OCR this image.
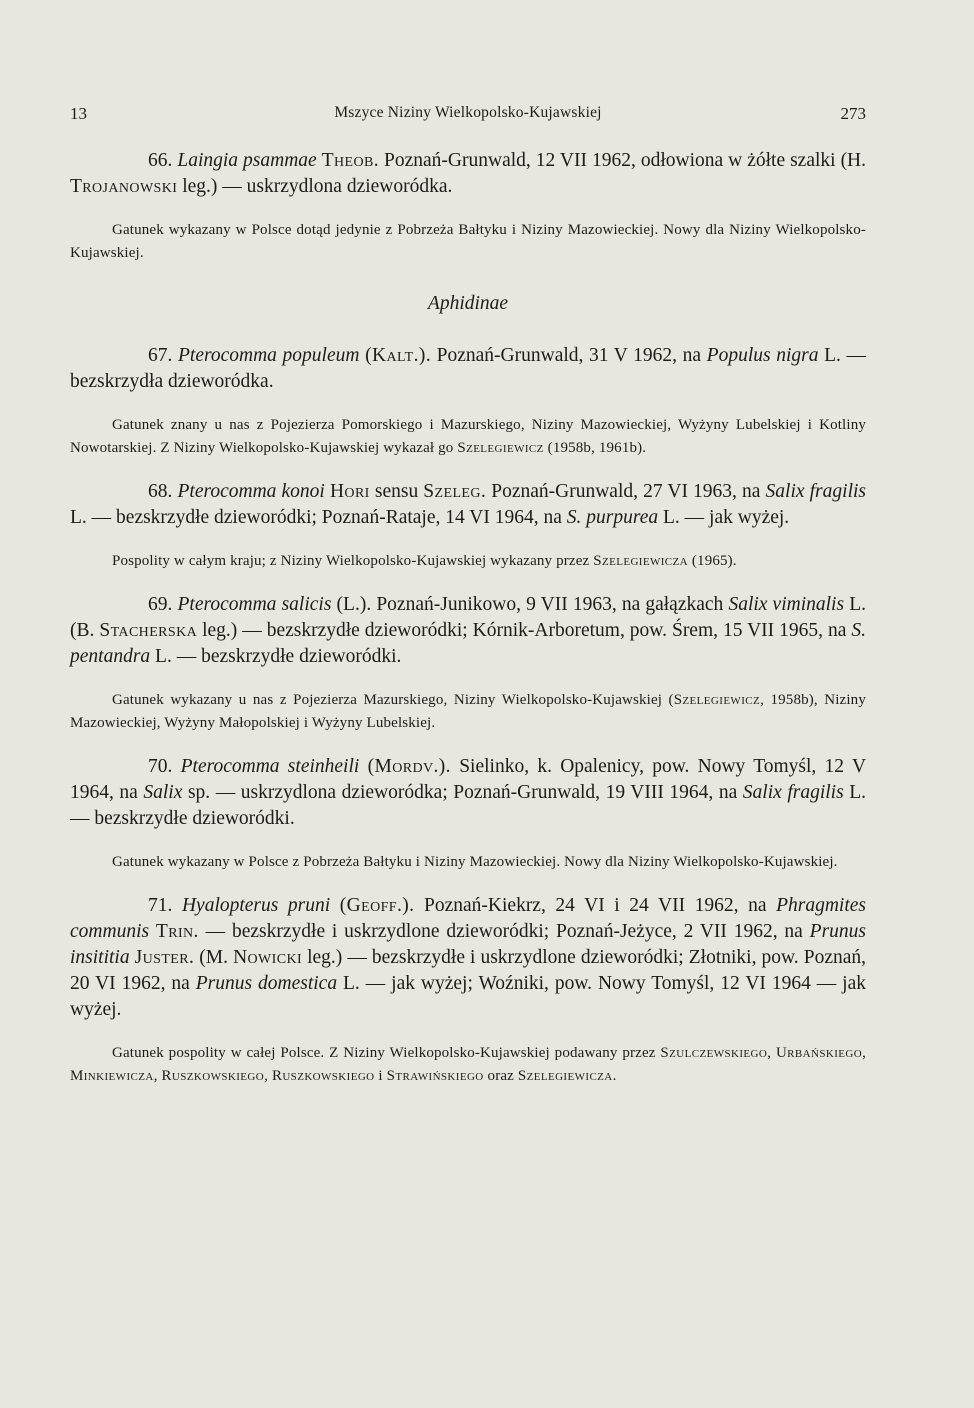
13	Mszyce Niziny Wielkopolsko-Kujawskiej	273

66. Laingia psammae Theob. Poznań-Grunwald, 12 VII 1962, odłowiona w żółte szalki (H. Trojanowski leg.) — uskrzydlona dzieworódka.

Gatunek wykazany w Polsce dotąd jedynie z Pobrzeża Bałtyku i Niziny Mazowieckiej. Nowy dla Niziny Wielkopolsko-Kujawskiej.

Aphidinae

67. Pterocomma populeum (Kalt.). Poznań-Grunwald, 31 V 1962, na Populus nigra L. — bezskrzydła dzieworódka.

Gatunek znany u nas z Pojezierza Pomorskiego i Mazurskiego, Niziny Mazowieckiej, Wyżyny Lubelskiej i Kotliny Nowotarskiej. Z Niziny Wielkopolsko-Kujawskiej wykazał go Szelegiewicz (1958b, 1961b).

68. Pterocomma konoi Hori sensu Szeleg. Poznań-Grunwald, 27 VI 1963, na Salix fragilis L. — bezskrzydłe dzieworódki; Poznań-Rataje, 14 VI 1964, na S. purpurea L. — jak wyżej.

Pospolity w całym kraju; z Niziny Wielkopolsko-Kujawskiej wykazany przez Szelegiewicza (1965).

69. Pterocomma salicis (L.). Poznań-Junikowo, 9 VII 1963, na gałązkach Salix viminalis L. (B. Stacherska leg.) — bezskrzydłe dzieworódki; Kórnik-Arboretum, pow. Śrem, 15 VII 1965, na S. pentandra L. — bezskrzydłe dzieworódki.

Gatunek wykazany u nas z Pojezierza Mazurskiego, Niziny Wielkopolsko-Kujawskiej (Szelegiewicz, 1958b), Niziny Mazowieckiej, Wyżyny Małopolskiej i Wyżyny Lubelskiej.

70. Pterocomma steinheili (Mordv.). Sielinko, k. Opalenicy, pow. Nowy Tomyśl, 12 V 1964, na Salix sp. — uskrzydlona dzieworódka; Poznań-Grunwald, 19 VIII 1964, na Salix fragilis L. — bezskrzydłe dzieworódki.

Gatunek wykazany w Polsce z Pobrzeża Bałtyku i Niziny Mazowieckiej. Nowy dla Niziny Wielkopolsko-Kujawskiej.

71. Hyalopterus pruni (Geoff.). Poznań-Kiekrz, 24 VI i 24 VII 1962, na Phragmites communis Trin. — bezskrzydłe i uskrzydlone dzieworódki; Poznań-Jeżyce, 2 VII 1962, na Prunus insititia Juster. (M. Nowicki leg.) — bezskrzydłe i uskrzydlone dzieworódki; Złotniki, pow. Poznań, 20 VI 1962, na Prunus domestica L. — jak wyżej; Woźniki, pow. Nowy Tomyśl, 12 VI 1964 — jak wyżej.

Gatunek pospolity w całej Polsce. Z Niziny Wielkopolsko-Kujawskiej podawany przez Szulczewskiego, Urbańskiego, Minkiewicza, Ruszkowskiego, Ruszkowskiego i Strawińskiego oraz Szelegiewicza.
